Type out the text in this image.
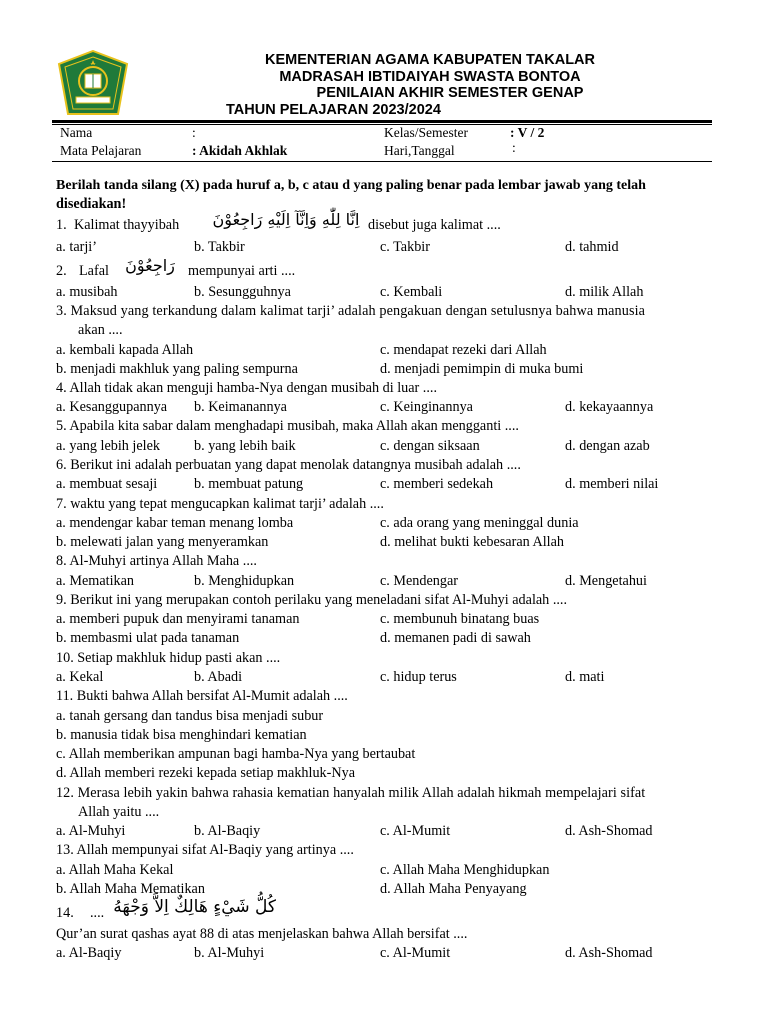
KEMENTERIAN AGAMA KABUPATEN TAKALAR
MADRASAH IBTIDAIYAH SWASTA BONTOA
PENILAIAN AKHIR SEMESTER GENAP
TAHUN PELAJARAN 2023/2024
Nama	:	Kelas/Semester	: V / 2
Mata Pelajaran	: Akidah Akhlak	Hari,Tanggal	:
Berilah tanda silang (X) pada huruf a, b, c atau d yang paling benar pada lembar jawab yang telah
disediakan!
1. Kalimat thayyibah	اِنَّا لِلّٰهِ وَاِنَّآ اِلَيْهِ رَاجِعُوْنَ disebut juga kalimat ....
a. tarji’	b. Takbir	c. Takbir	d. tahmid
2. Lafal	رَاجِعُوْنَ mempunyai arti ....
a. musibah	b. Sesungguhnya	c. Kembali	d. milik Allah
3. Maksud yang terkandung dalam kalimat tarji’ adalah pengakuan dengan setulusnya bahwa manusia
akan ....
a. kembali kapada Allah	c. mendapat rezeki dari Allah
b. menjadi makhluk yang paling sempurna	d. menjadi pemimpin di muka bumi
4. Allah tidak akan menguji hamba-Nya dengan musibah di luar ....
a. Kesanggupannya b. Keimanannya	c. Keinginannya	d. kekayaannya
5. Apabila kita sabar dalam menghadapi musibah, maka Allah akan mengganti ....
a. yang lebih jelek b. yang lebih baik	c. dengan siksaan	d. dengan azab
6. Berikut ini adalah perbuatan yang dapat menolak datangnya musibah adalah ....
a. membuat sesaji	b. membuat patung	c. memberi sedekah	d. memberi nilai
7. waktu yang tepat mengucapkan kalimat tarji’ adalah ....
a. mendengar kabar teman menang lomba	c. ada orang yang meninggal dunia
b. melewati jalan yang menyeramkan	d. melihat bukti kebesaran Allah
8. Al-Muhyi artinya Allah Maha ....
a. Mematikan	b. Menghidupkan	c. Mendengar	d. Mengetahui
9. Berikut ini yang merupakan contoh perilaku yang meneladani sifat Al-Muhyi adalah ....
a. memberi pupuk dan menyirami tanaman	c. membunuh binatang buas
b. membasmi ulat pada tanaman	d. memanen padi di sawah
10. Setiap makhluk hidup pasti akan ....
a. Kekal	b. Abadi	c. hidup terus	d. mati
11. Bukti bahwa Allah bersifat Al-Mumit adalah ....
a. tanah gersang dan tandus bisa menjadi subur
b. manusia tidak bisa menghindari kematian
c. Allah memberikan ampunan bagi hamba-Nya yang bertaubat
d. Allah memberi rezeki kepada setiap makhluk-Nya
12. Merasa lebih yakin bahwa rahasia kematian hanyalah milik Allah adalah hikmah mempelajari sifat
Allah yaitu ....
a. Al-Muhyi	b. Al-Baqiy	c. Al-Mumit	d. Ash-Shomad
13. Allah mempunyai sifat Al-Baqiy yang artinya ....
a. Allah Maha Kekal	c. Allah Maha Menghidupkan
b. Allah Maha Mematikan	d. Allah Maha Penyayang
14. .... كُلُّ شَيْءٍ هَالِكٌ اِلاَّ وَجْهَهُ
Qur’an surat qashas ayat 88 di atas menjelaskan bahwa Allah bersifat ....
a. Al-Baqiy	b. Al-Muhyi	c. Al-Mumit	d. Ash-Shomad
